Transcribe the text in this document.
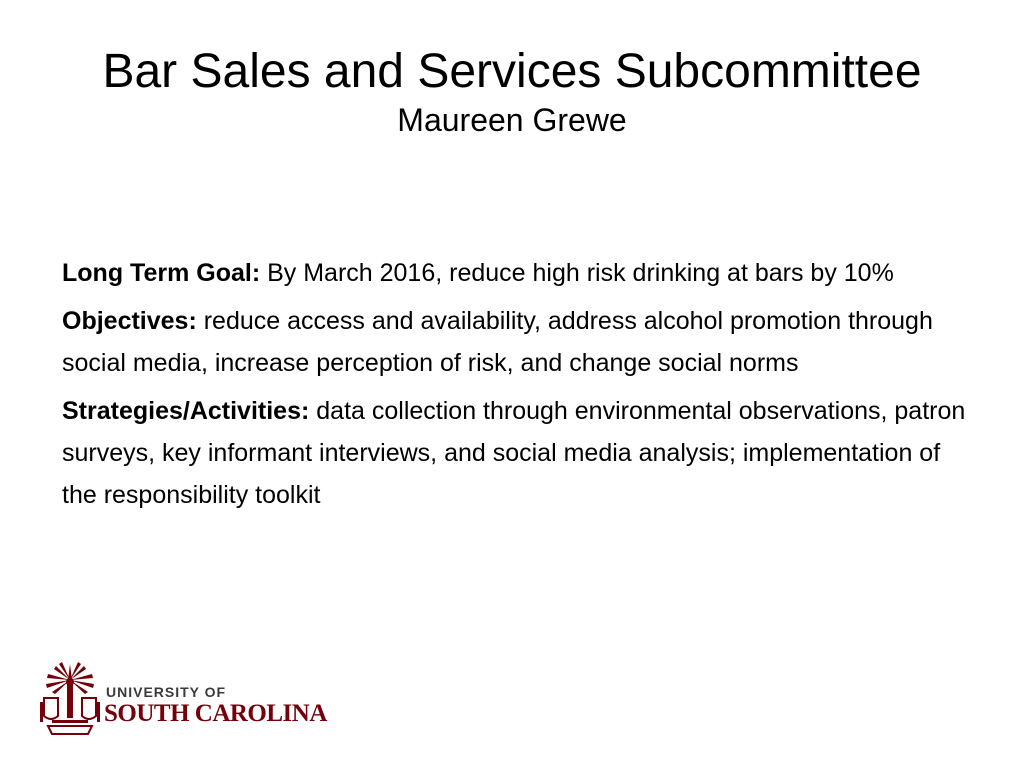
Bar Sales and Services Subcommittee
Maureen Grewe

Long Term Goal: By March 2016, reduce high risk drinking at bars by 10%

Objectives: reduce access and availability, address alcohol promotion through social media, increase perception of risk, and change social norms

Strategies/Activities: data collection through environmental observations, patron surveys, key informant interviews, and social media analysis; implementation of the responsibility toolkit

UNIVERSITY OF
SOUTH CAROLINA
